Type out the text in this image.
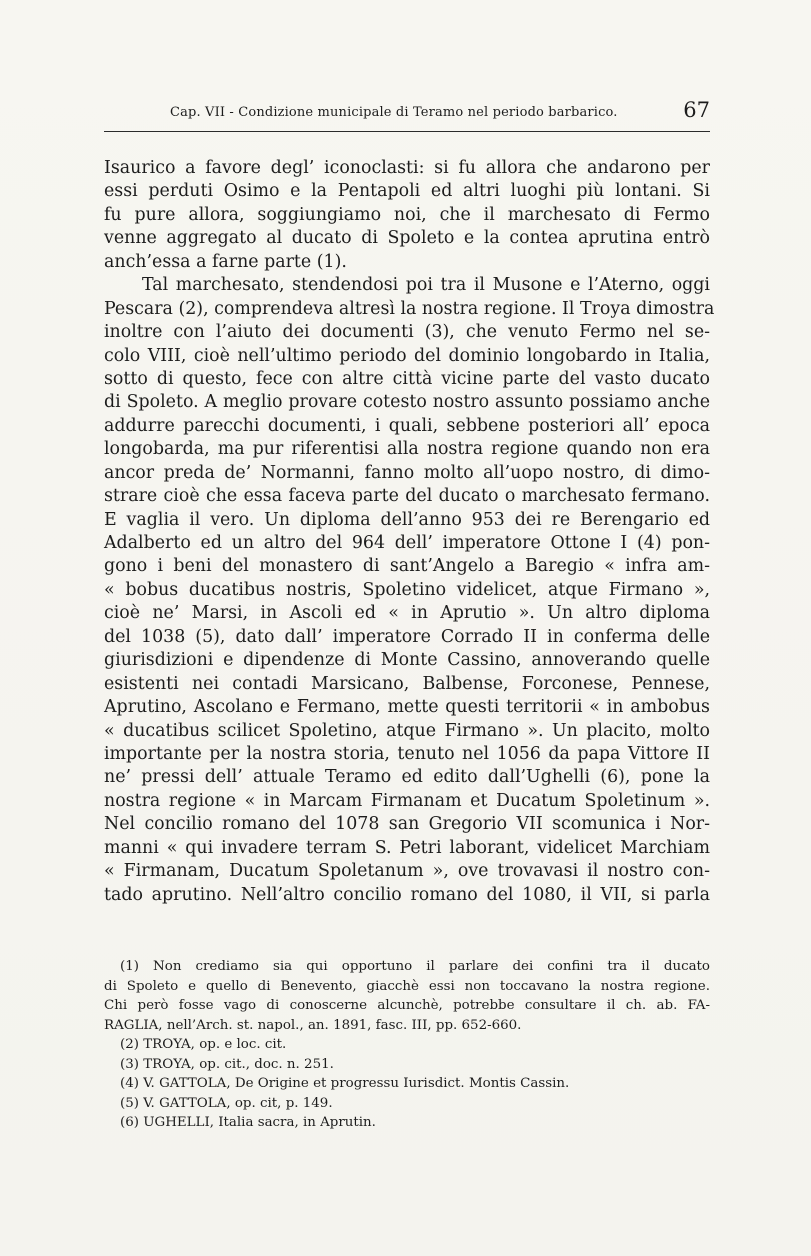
Cap. VII - Condizione municipale di Teramo nel periodo barbarico.	67
Isaurico a favore degl’ iconoclasti: si fu allora che andarono per
essi perduti Osimo e la Pentapoli ed altri luoghi più lontani. Si
fu pure allora, soggiungiamo noi, che il marchesato di Fermo
venne aggregato al ducato di Spoleto e la contea aprutina entrò
anch’essa a farne parte (1).
Tal marchesato, stendendosi poi tra il Musone e l’Aterno, oggi
Pescara (2), comprendeva altresì la nostra regione. Il Troya dimostra
inoltre con l’aiuto dei documenti (3), che venuto Fermo nel se-
colo VIII, cioè nell’ultimo periodo del dominio longobardo in Italia,
sotto di questo, fece con altre città vicine parte del vasto ducato
di Spoleto. A meglio provare cotesto nostro assunto possiamo anche
addurre parecchi documenti, i quali, sebbene posteriori all’ epoca
longobarda, ma pur riferentisi alla nostra regione quando non era
ancor preda de’ Normanni, fanno molto all’uopo nostro, di dimo-
strare cioè che essa faceva parte del ducato o marchesato fermano.
E vaglia il vero. Un diploma dell’anno 953 dei re Berengario ed
Adalberto ed un altro del 964 dell’ imperatore Ottone I (4) pon-
gono i beni del monastero di sant’Angelo a Baregio « infra am-
« bobus ducatibus nostris, Spoletino videlicet, atque Firmano »,
cioè ne’ Marsi, in Ascoli ed « in Aprutio ». Un altro diploma
del 1038 (5), dato dall’ imperatore Corrado II in conferma delle
giurisdizioni e dipendenze di Monte Cassino, annoverando quelle
esistenti nei contadi Marsicano, Balbense, Forconese, Pennese,
Aprutino, Ascolano e Fermano, mette questi territorii « in ambobus
« ducatibus scilicet Spoletino, atque Firmano ». Un placito, molto
importante per la nostra storia, tenuto nel 1056 da papa Vittore II
ne’ pressi dell’ attuale Teramo ed edito dall’Ughelli (6), pone la
nostra regione « in Marcam Firmanam et Ducatum Spoletinum ».
Nel concilio romano del 1078 san Gregorio VII scomunica i Nor-
manni « qui invadere terram S. Petri laborant, videlicet Marchiam
« Firmanam, Ducatum Spoletanum », ove trovavasi il nostro con-
tado aprutino. Nell’altro concilio romano del 1080, il VII, si parla
(1) Non crediamo sia qui opportuno il parlare dei confini tra il ducato
di Spoleto e quello di Benevento, giacchè essi non toccavano la nostra regione.
Chi però fosse vago di conoscerne alcunchè, potrebbe consultare il ch. ab. FA-
RAGLIA, nell’Arch. st. napol., an. 1891, fasc. III, pp. 652-660.
(2) TROYA, op. e loc. cit.
(3) TROYA, op. cit., doc. n. 251.
(4) V. GATTOLA, De Origine et progressu Iurisdict. Montis Cassin.
(5) V. GATTOLA, op. cit, p. 149.
(6) UGHELLI, Italia sacra, in Aprutin.
